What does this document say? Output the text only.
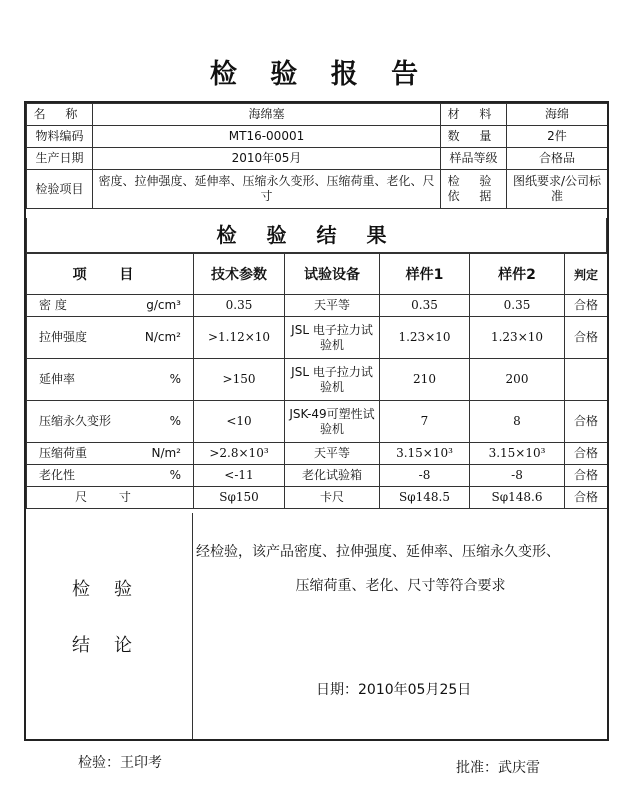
检 验 报 告
名 称	海绵塞	材 料	海绵
物料编码	MT16-00001	数 量	2件
生产日期	2010年05月	样品等级	合格品
检验项目	密度、拉伸强度、延伸率、压缩永久变形、压缩荷重、老化、尺寸	检 验 依 据	图纸要求/公司标准
检验结果
项 目	技术参数	试验设备	样件1	样件2	判定

密 度 g/cm³	0.35	天平等	0.35	0.35	合格

拉伸强度 N/cm²	>1.12×10	JSL 电子拉力试验机	1.23×10	1.23×10	合格

延伸率 %	>150	JSL 电子拉力试验机	210	200	

压缩永久变形 %	<10	JSK-49可塑性试验机	7	8	合格

压缩荷重 N/m²	>2.8×10³	天平等	3.15×10³	3.15×10³	合格

老化性 %	<-11	老化试验箱	-8	-8	合格

尺 寸	Sφ150	卡尺	Sφ148.5	Sφ148.6	合格
检验
结论
经检验，该产品密度、拉伸强度、延伸率、压缩永久变形、
压缩荷重、老化、尺寸等符合要求
日期：2010年05月25日
检验：王印考	批准：武庆雷
